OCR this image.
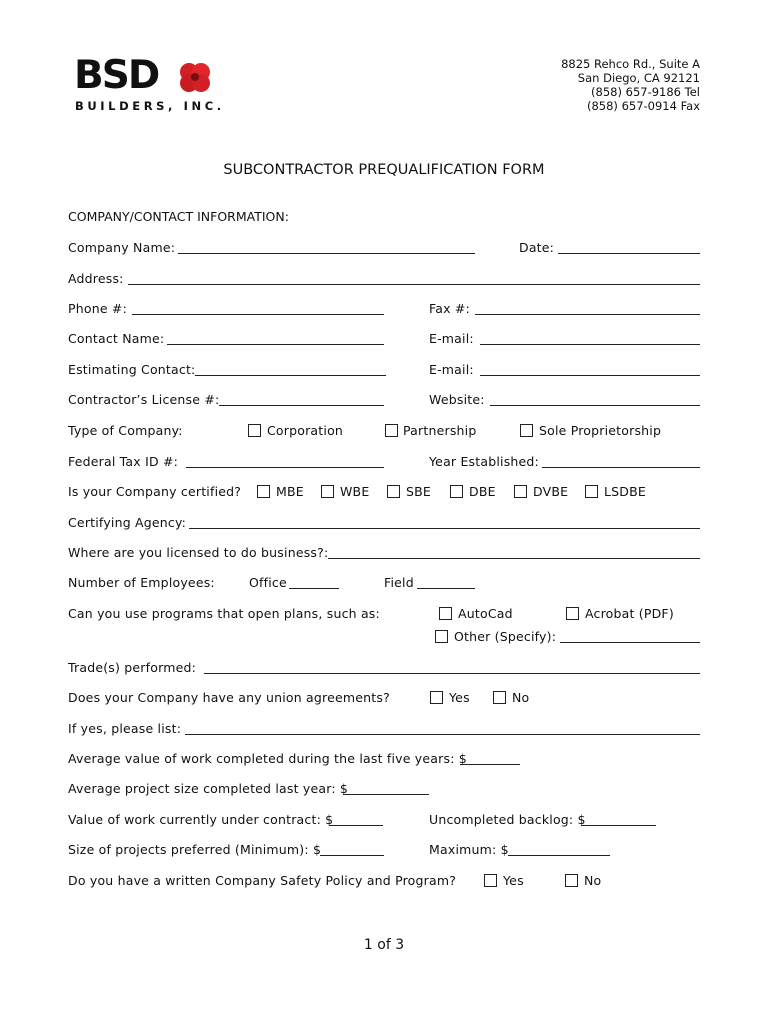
BSD
BUILDERS, INC.
8825 Rehco Rd., Suite A
San Diego, CA 92121
(858) 657-9186 Tel
(858) 657-0914 Fax
SUBCONTRACTOR PREQUALIFICATION FORM
COMPANY/CONTACT INFORMATION:
Company Name:	Date:
Address:
Phone #:	Fax #:
Contact Name:	E-mail:
Estimating Contact:	E-mail:
Contractor’s License #:	Website:
Type of Company:	Corporation	Partnership	Sole Proprietorship
Federal Tax ID #:	Year Established:
Is your Company certified?	MBE	WBE	SBE	DBE	DVBE	LSDBE
Certifying Agency:
Where are you licensed to do business?:
Number of Employees:	Office	Field
Can you use programs that open plans, such as:	AutoCad	Acrobat (PDF)
Other (Specify):
Trade(s) performed:
Does your Company have any union agreements?	Yes	No
If yes, please list:
Average value of work completed during the last five years: $
Average project size completed last year: $
Value of work currently under contract: $	Uncompleted backlog: $
Size of projects preferred (Minimum): $	Maximum: $
Do you have a written Company Safety Policy and Program?	Yes	No
1 of 3
